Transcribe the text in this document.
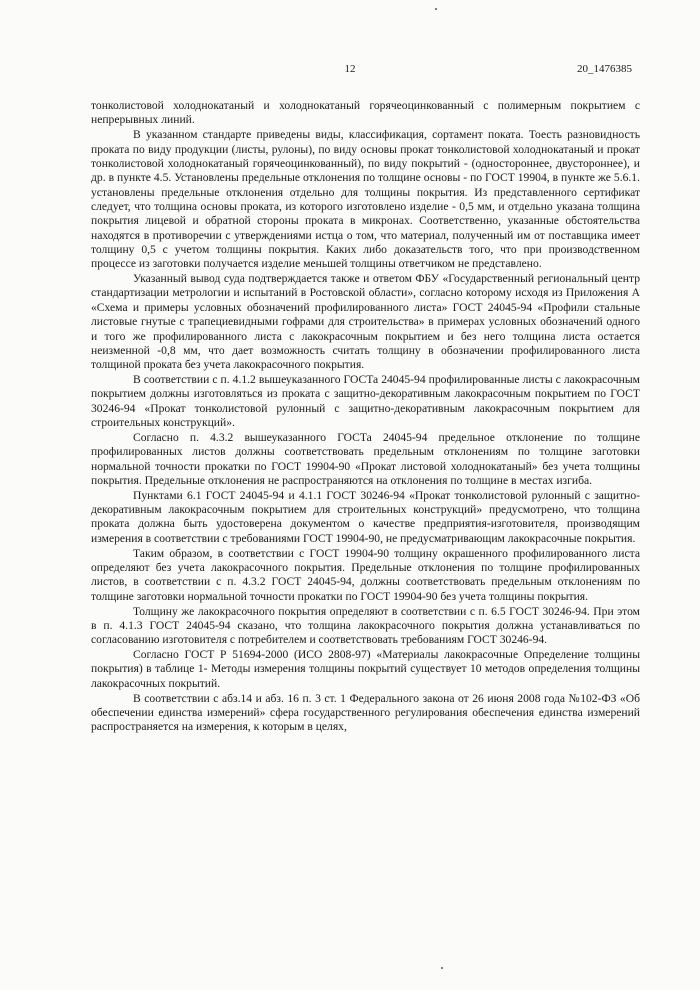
12	20_1476385

тонколистовой холоднокатаный и холоднокатаный горячеоцинкованный с полимерным покрытием с непрерывных линий.

В указанном стандарте приведены виды, классификация, сортамент поката. Тоесть разновидность проката по виду продукции (листы, рулоны), по виду основы прокат тонколистовой холоднокатаный и прокат тонколистовой холоднокатаный горячеоцинкованный), по виду покрытий - (одностороннее, двустороннее), и др. в пункте 4.5. Установлены предельные отклонения по толщине основы - по ГОСТ 19904, в пункте же 5.6.1. установлены предельные отклонения отдельно для толщины покрытия. Из представленного сертификат следует, что толщина основы проката, из которого изготовлено изделие - 0,5 мм, и отдельно указана толщина покрытия лицевой и обратной стороны проката в микронах. Соответственно, указанные обстоятельства находятся в противоречии с утверждениями истца о том, что материал, полученный им от поставщика имеет толщину 0,5 с учетом толщины покрытия. Каких либо доказательств того, что при производственном процессе из заготовки получается изделие меньшей толщины ответчиком не представлено.

Указанный вывод суда подтверждается также и ответом ФБУ «Государственный региональный центр стандартизации метрологии и испытаний в Ростовской области», согласно которому исходя из Приложения А «Схема и примеры условных обозначений профилированного листа» ГОСТ 24045-94 «Профили стальные листовые гнутые с трапециевидными гофрами для строительства» в примерах условных обозначений одного и того же профилированного листа с лакокрасочным покрытием и без него толщина листа остается неизменной -0,8 мм, что дает возможность считать толщину в обозначении профилированного листа толщиной проката без учета лакокрасочного покрытия.

В соответствии с п. 4.1.2 вышеуказанного ГОСТа 24045-94 профилированные листы с лакокрасочным покрытием должны изготовляться из проката с защитно-декоративным лакокрасочным покрытием по ГОСТ 30246-94 «Прокат тонколистовой рулонный с защитно-декоративным лакокрасочным покрытием для строительных конструкций».

Согласно п. 4.3.2 вышеуказанного ГОСТа 24045-94 предельное отклонение по толщине профилированных листов должны соответствовать предельным отклонениям по толщине заготовки нормальной точности прокатки по ГОСТ 19904-90 «Прокат листовой холоднокатаный» без учета толщины покрытия. Предельные отклонения не распространяются на отклонения по толщине в местах изгиба.

Пунктами 6.1 ГОСТ 24045-94 и 4.1.1 ГОСТ 30246-94 «Прокат тонколистовой рулонный с защитно-декоративным лакокрасочным покрытием для строительных конструкций» предусмотрено, что толщина проката должна быть удостоверена документом о качестве предприятия-изготовителя, производящим измерения в соответствии с требованиями ГОСТ 19904-90, не предусматривающим лакокрасочные покрытия.

Таким образом, в соответствии с ГОСТ 19904-90 толщину окрашенного профилированного листа определяют без учета лакокрасочного покрытия. Предельные отклонения по толщине профилированных листов, в соответствии с п. 4.3.2 ГОСТ 24045-94, должны соответствовать предельным отклонениям по толщине заготовки нормальной точности прокатки по ГОСТ 19904-90 без учета толщины покрытия.

Толщину же лакокрасочного покрытия определяют в соответствии с п. 6.5 ГОСТ 30246-94. При этом в п. 4.1.3 ГОСТ 24045-94 сказано, что толщина лакокрасочного покрытия должна устанавливаться по согласованию изготовителя с потребителем и соответствовать требованиям ГОСТ 30246-94.

Согласно ГОСТ Р 51694-2000 (ИСО 2808-97) «Материалы лакокрасочные Определение толщины покрытия) в таблице 1- Методы измерения толщины покрытий существует 10 методов определения толщины лакокрасочных покрытий.

В соответствии с абз.14 и абз. 16 п. 3 ст. 1 Федерального закона от 26 июня 2008 года №102-ФЗ «Об обеспечении единства измерений» сфера государственного регулирования обеспечения единства измерений распространяется на измерения, к которым в целях,
